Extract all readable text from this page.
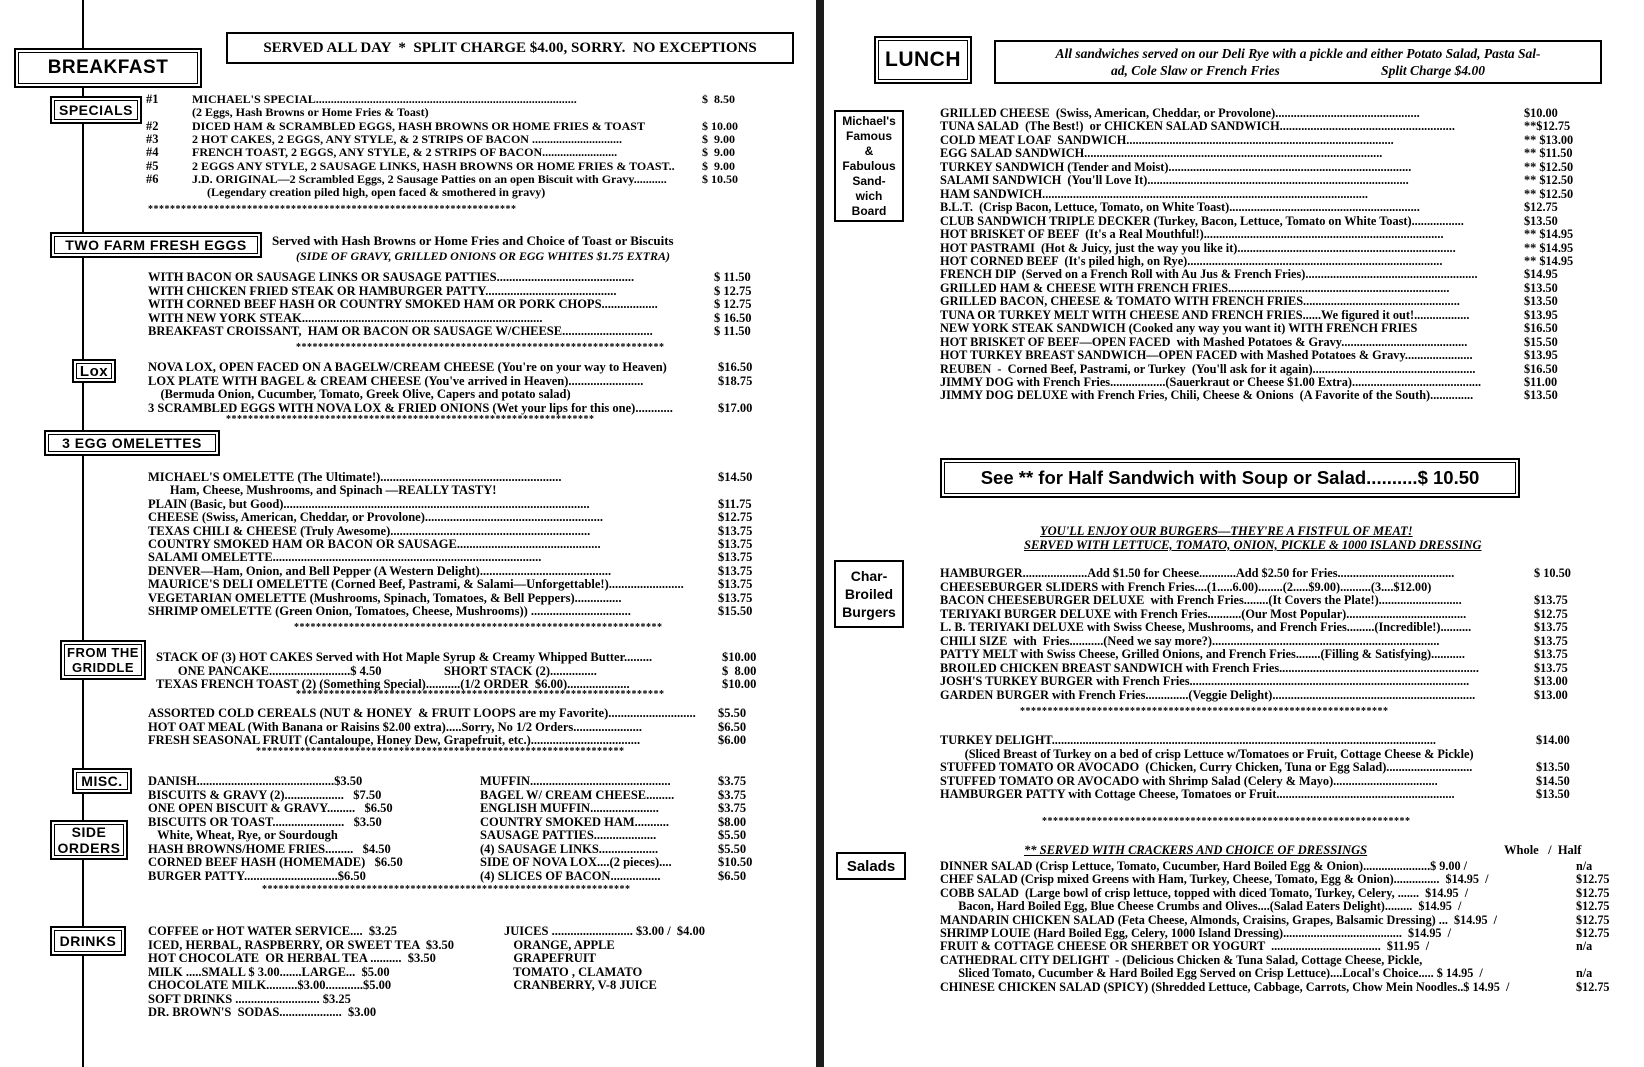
SERVED ALL DAY  *  SPLIT CHARGE $4.00, SORRY.  NO EXCEPTIONS
BREAKFAST
SPECIALS
#1	MICHAEL'S SPECIAL.......................................................................................	$  8.50
(2 Eggs, Hash Browns or Home Fries & Toast)
#2	DICED HAM & SCRAMBLED EGGS, HASH BROWNS OR HOME FRIES & TOAST	$ 10.00
#3	2 HOT CAKES, 2 EGGS, ANY STYLE, & 2 STRIPS OF BACON ..............................	$  9.00
#4	FRENCH TOAST, 2 EGGS, ANY STYLE, & 2 STRIPS OF BACON.........................	$  9.00
#5	2 EGGS ANY STYLE, 2 SAUSAGE LINKS, HASH BROWNS OR HOME FRIES & TOAST.. $  9.00
#6	J.D. ORIGINAL—2 Scrambled Eggs, 2 Sausage Patties on an open Biscuit with Gravy...........	$ 10.50
(Legendary creation piled high, open faced & smothered in gravy)
*******************************************************************
TWO FARM FRESH EGGS Served with Hash Browns or Home Fries and Choice of Toast or Biscuits
(SIDE OF GRAVY, GRILLED ONIONS OR EGG WHITES $1.75 EXTRA)
WITH BACON OR SAUSAGE LINKS OR SAUSAGE PATTIES............................................	$ 11.50
WITH CHICKEN FRIED STEAK OR HAMBURGER PATTY..........................................	$ 12.75
WITH CORNED BEEF HASH OR COUNTRY SMOKED HAM OR PORK CHOPS..................	$ 12.75
WITH NEW YORK STEAK.............................................................................	$ 16.50
BREAKFAST CROISSANT,  HAM OR BACON OR SAUSAGE W/CHEESE.............................	$ 11.50
*******************************************************************
Lox	NOVA LOX, OPEN FACED ON A BAGELW/CREAM CHEESE (You're on your way to Heaven)	$16.50
LOX PLATE WITH BAGEL & CREAM CHEESE (You've arrived in Heaven)........................	$18.75
(Bermuda Onion, Cucumber, Tomato, Greek Olive, Capers and potato salad)
3 SCRAMBLED EGGS WITH NOVA LOX & FRIED ONIONS (Wet your lips for this one)............	$17.00
*******************************************************************
3 EGG OMELETTES
MICHAEL'S OMELETTE (The Ultimate!)..........................................................	$14.50
Ham, Cheese, Mushrooms, and Spinach —REALLY TASTY!
PLAIN (Basic, but Good)..................................................................................................	$11.75
CHEESE (Swiss, American, Cheddar, or Provolone).........................................................	$12.75
TEXAS CHILI & CHEESE (Truly Awesome)................................................................	$13.75
COUNTRY SMOKED HAM OR BACON OR SAUSAGE..............................................	$13.75
SALAMI OMELETTE......................................................................................	$13.75
DENVER—Ham, Onion, and Bell Pepper (A Western Delight)..........................................	$13.75
MAURICE'S DELI OMELETTE (Corned Beef, Pastrami, & Salami—Unforgettable!)........................	$13.75
VEGETARIAN OMELETTE (Mushrooms, Spinach, Tomatoes, & Bell Peppers)...............	$13.75
SHRIMP OMELETTE (Green Onion, Tomatoes, Cheese, Mushrooms)) ................................	$15.50
*******************************************************************
FROM THE
GRIDDLE
STACK OF (3) HOT CAKES Served with Hot Maple Syrup & Creamy Whipped Butter.........	$10.00
ONE PANCAKE..........................$ 4.50                    SHORT STACK (2)...............	$  8.00
TEXAS FRENCH TOAST (2) (Something Special)...........(1/2 ORDER  $6.00)....................	$10.00
*******************************************************************
ASSORTED COLD CEREALS (NUT & HONEY  & FRUIT LOOPS are my Favorite)............................	$5.50
HOT OAT MEAL (With Banana or Raisins $2.00 extra).....Sorry, No 1/2 Orders......................	$6.50
FRESH SEASONAL FRUIT (Cantaloupe, Honey Dew, Grapefruit, etc.)...................................	$6.00
*******************************************************************
MISC.
SIDE
ORDERS
DANISH............................................$3.50
BISCUITS & GRAVY (2)...................   $7.50
ONE OPEN BISCUIT & GRAVY.........   $6.50
BISCUITS OR TOAST.......................   $3.50
White, Wheat, Rye, or Sourdough
HASH BROWNS/HOME FRIES.........   $4.50
CORNED BEEF HASH (HOMEMADE)   $6.50
BURGER PATTY..............................$6.50
MUFFIN.............................................	$3.75
BAGEL W/ CREAM CHEESE.........	$3.75
ENGLISH MUFFIN......................	$3.75
COUNTRY SMOKED HAM...........	$8.00
SAUSAGE PATTIES....................	$5.50
(4) SAUSAGE LINKS...................	$5.50
SIDE OF NOVA LOX....(2 pieces)....	$10.50
(4) SLICES OF BACON................	$6.50
*******************************************************************
DRINKS
COFFEE or HOT WATER SERVICE....  $3.25
ICED, HERBAL, RASPBERRY, OR SWEET TEA  $3.50
HOT CHOCOLATE  OR HERBAL TEA ..........  $3.50
MILK .....SMALL $ 3.00.......LARGE...  $5.00
CHOCOLATE MILK..........$3.00............$5.00
SOFT DRINKS ........................... $3.25
DR. BROWN'S  SODAS....................  $3.00
JUICES .......................... $3.00 /  $4.00
ORANGE, APPLE
GRAPEFRUIT
TOMATO , CLAMATO
CRANBERRY, V-8 JUICE
LUNCH	All sandwiches served on our Deli Rye with a pickle and either Potato Salad, Pasta Sal-
ad, Cole Slaw or French Fries                              Split Charge $4.00
Michael's
Famous
&
Fabulous
Sand-
wich
Board
GRILLED CHEESE  (Swiss, American, Cheddar, or Provolone)...............................................	$10.00
TUNA SALAD  (The Best!)  or CHICKEN SALAD SANDWICH.........................................................	**$12.75
COLD MEAT LOAF  SANDWICH.......................................................................................	** $13.00
EGG SALAD SANDWICH.................................................................................................	** $11.50
TURKEY SANDWICH (Tender and Moist)...............................................................................	** $12.50
SALAMI SANDWICH  (You'll Love It).....................................................................................	** $12.50
HAM SANDWICH..........................................................................................................	** $12.50
B.L.T.  (Crisp Bacon, Lettuce, Tomato, on White Toast)..............................................................	$12.75
CLUB SANDWICH TRIPLE DECKER (Turkey, Bacon, Lettuce, Tomato on White Toast).................	$13.50
HOT BRISKET OF BEEF  (It's a Real Mouthful!)..............................................................................	** $14.95
HOT PASTRAMI  (Hot & Juicy, just the way you like it).......................................................................	** $14.95
HOT CORNED BEEF  (It's piled high, on Rye)...................................................................................	** $14.95
FRENCH DIP  (Served on a French Roll with Au Jus & French Fries)........................................................	$14.95
GRILLED HAM & CHEESE WITH FRENCH FRIES........................................................................	$13.50
GRILLED BACON, CHEESE & TOMATO WITH FRENCH FRIES...................................................	$13.50
TUNA OR TURKEY MELT WITH CHEESE AND FRENCH FRIES......We figured it out!..................	$13.95
NEW YORK STEAK SANDWICH (Cooked any way you want it) WITH FRENCH FRIES	$16.50
HOT BRISKET OF BEEF—OPEN FACED  with Mashed Potatoes & Gravy.........................................	$15.50
HOT TURKEY BREAST SANDWICH—OPEN FACED with Mashed Potatoes & Gravy......................	$13.95
REUBEN  -  Corned Beef, Pastrami, or Turkey  (You'll ask for it again).....................................................	$16.50
JIMMY DOG with French Fries..................(Sauerkraut or Cheese $1.00 Extra)..........................................	$11.00
JIMMY DOG DELUXE with French Fries, Chili, Cheese & Onions  (A Favorite of the South)..............	$13.50
See ** for Half Sandwich with Soup or Salad..........$ 10.50
YOU'LL ENJOY OUR BURGERS—THEY'RE A FISTFUL OF MEAT!
SERVED WITH LETTUCE, TOMATO, ONION, PICKLE & 1000 ISLAND DRESSING
Char-
Broiled
Burgers
HAMBURGER.....................Add $1.50 for Cheese............Add $2.50 for Fries......................................	$ 10.50
CHEESEBURGER SLIDERS with French Fries....(1.....6.00)........(2.....$9.00)..........(3....$12.00)
BACON CHEESEBURGER DELUXE  with French Fries........(It Covers the Plate!)...........................	$13.75
TERIYAKI BURGER DELUXE with French Fries...........(Our Most Popular).......................................	$12.75
L. B. TERIYAKI DELUXE with Swiss Cheese, Mushrooms, and French Fries.........(Incredible!)..........	$13.75
CHILI SIZE  with  Fries...........(Need we say more?)..........................................................................	$13.75
PATTY MELT with Swiss Cheese, Grilled Onions, and French Fries........(Filling & Satisfying)...........	$13.75
BROILED CHICKEN BREAST SANDWICH with French Fries.................................................................	$13.75
JOSH'S TURKEY BURGER with French Fries...........................................................................................	$13.00
GARDEN BURGER with French Fries..............(Veggie Delight)..................................................................	$13.00
*******************************************************************
TURKEY DELIGHT.............................................................................................................................	$14.00
(Sliced Breast of Turkey on a bed of crisp Lettuce w/Tomatoes or Fruit, Cottage Cheese & Pickle)
STUFFED TOMATO OR AVOCADO  (Chicken, Curry Chicken, Tuna or Egg Salad)............................	$13.50
STUFFED TOMATO OR AVOCADO with Shrimp Salad (Celery & Mayo)..................................	$14.50
HAMBURGER PATTY with Cottage Cheese, Tomatoes or Fruit..........................................................	$13.50
*******************************************************************
Salads
** SERVED WITH CRACKERS AND CHOICE OF DRESSINGS	Whole   /  Half
DINNER SALAD (Crisp Lettuce, Tomato, Cucumber, Hard Boiled Egg & Onion)......................$ 9.00 /	n/a
CHEF SALAD (Crisp mixed Greens with Ham, Turkey, Cheese, Tomato, Egg & Onion)...............  $14.95  /	$12.75
COBB SALAD  (Large bowl of crisp lettuce, topped with diced Tomato, Turkey, Celery, .......  $14.95  /	$12.75
Bacon, Hard Boiled Egg, Blue Cheese Crumbs and Olives....(Salad Eaters Delight).........  $14.95  /	$12.75
MANDARIN CHICKEN SALAD (Feta Cheese, Almonds, Craisins, Grapes, Balsamic Dressing) ...  $14.95  /	$12.75
SHRIMP LOUIE (Hard Boiled Egg, Celery, 1000 Island Dressing).......................................  $14.95  /	$12.75
FRUIT & COTTAGE CHEESE OR SHERBET OR YOGURT  ....................................  $11.95  /	n/a
CATHEDRAL CITY DELIGHT  - (Delicious Chicken & Tuna Salad, Cottage Cheese, Pickle,
Sliced Tomato, Cucumber & Hard Boiled Egg Served on Crisp Lettuce)....Local's Choice..... $ 14.95  /	n/a
CHINESE CHICKEN SALAD (SPICY) (Shredded Lettuce, Cabbage, Carrots, Chow Mein Noodles..$ 14.95  /	$12.75
